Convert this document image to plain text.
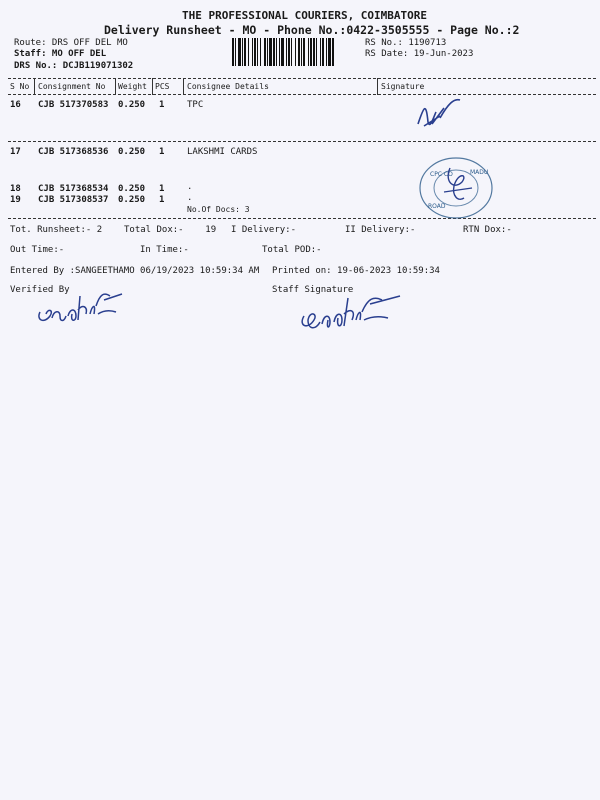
THE PROFESSIONAL COURIERS, COIMBATORE
Delivery Runsheet - MO - Phone No.:0422-3505555 - Page No.:2
Route: DRS OFF DEL MO
Staff: MO OFF DEL
DRS No.: DCJB119071302
RS No.: 1190713
RS Date: 19-Jun-2023
S No Consignment No Weight PCS Consignee Details	Signature
16 CJB 517370583 0.250 1	TPC
17 CJB 517368536 0.250 1	LAKSHMI CARDS
18 CJB 517368534 0.250 1	.
19 CJB 517308537 0.250 1	.
No.Of Docs: 3
CPC CO	MADU
ROAD
Tot. Runsheet:- 2 Total Dox:-    19 I Delivery:-	II Delivery:-	RTN Dox:-
Out Time:-	In Time:-	Total POD:-
Entered By :SANGEETHAMO 06/19/2023 10:59:34 AM Printed on: 19-06-2023 10:59:34
Verified By	Staff Signature
